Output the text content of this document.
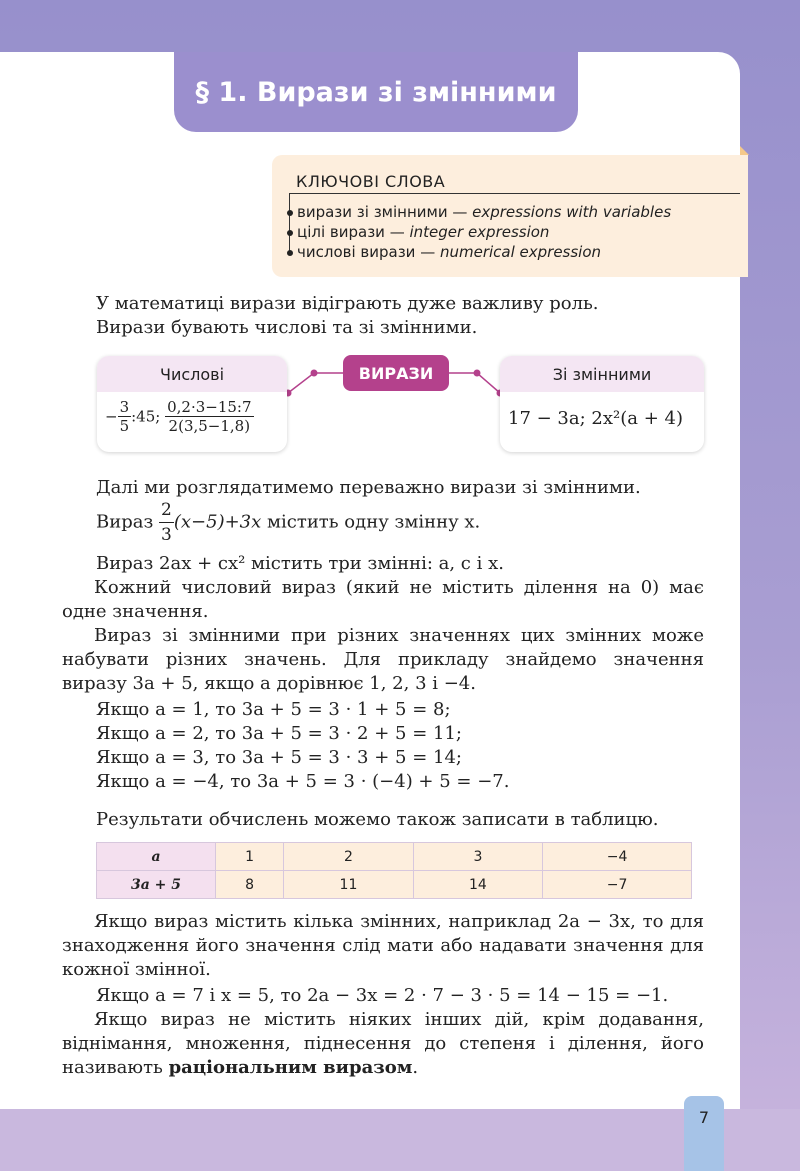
§ 1. Вирази зі змінними
КЛЮЧОВІ СЛОВА
вирази зі змінними — expressions with variables
цілі вирази — integer expression
числові вирази — numerical expression
У математиці вирази відіграють дуже важливу роль.
Вирази бувають числові та зі змінними.
Числові
− $\frac{3}{5}$ :45; $\frac{0,2\cdot 3-15:7}{2(3,5-1,8)}$
ВИРАЗИ	Зі змінними
17 − 3a; 2x²(a + 4)
Далі ми розглядатимемо переважно вирази зі змінними.
Вираз $\frac{2}{3} (x-5)+3x$ містить одну змінну x.
Вираз 2ax + cx² містить три змінні: a, c і x.
Кожний числовий вираз (який не містить ділення на 0) має одне значення.
Вираз зі змінними при різних значеннях цих змінних може набувати різних значень. Для прикладу знайдемо значення виразу 3a + 5, якщо a дорівнює 1, 2, 3 і −4.
Якщо a = 1, то 3a + 5 = 3 · 1 + 5 = 8;
Якщо a = 2, то 3a + 5 = 3 · 2 + 5 = 11;
Якщо a = 3, то 3a + 5 = 3 · 3 + 5 = 14;
Якщо a = −4, то 3a + 5 = 3 · (−4) + 5 = −7.
Результати обчислень можемо також записати в таблицю.
a	1	2	3	−4
3a + 5	8	11	14	−7
Якщо вираз містить кілька змінних, наприклад 2a − 3x, то для знаходження його значення слід мати або надавати значення для кожної змінної.
Якщо a = 7 і x = 5, то 2a − 3x = 2 · 7 − 3 · 5 = 14 − 15 = −1.
Якщо вираз не містить ніяких інших дій, крім додавання, віднімання, множення, піднесення до степеня і ділення, його називають раціональним виразом.
7
